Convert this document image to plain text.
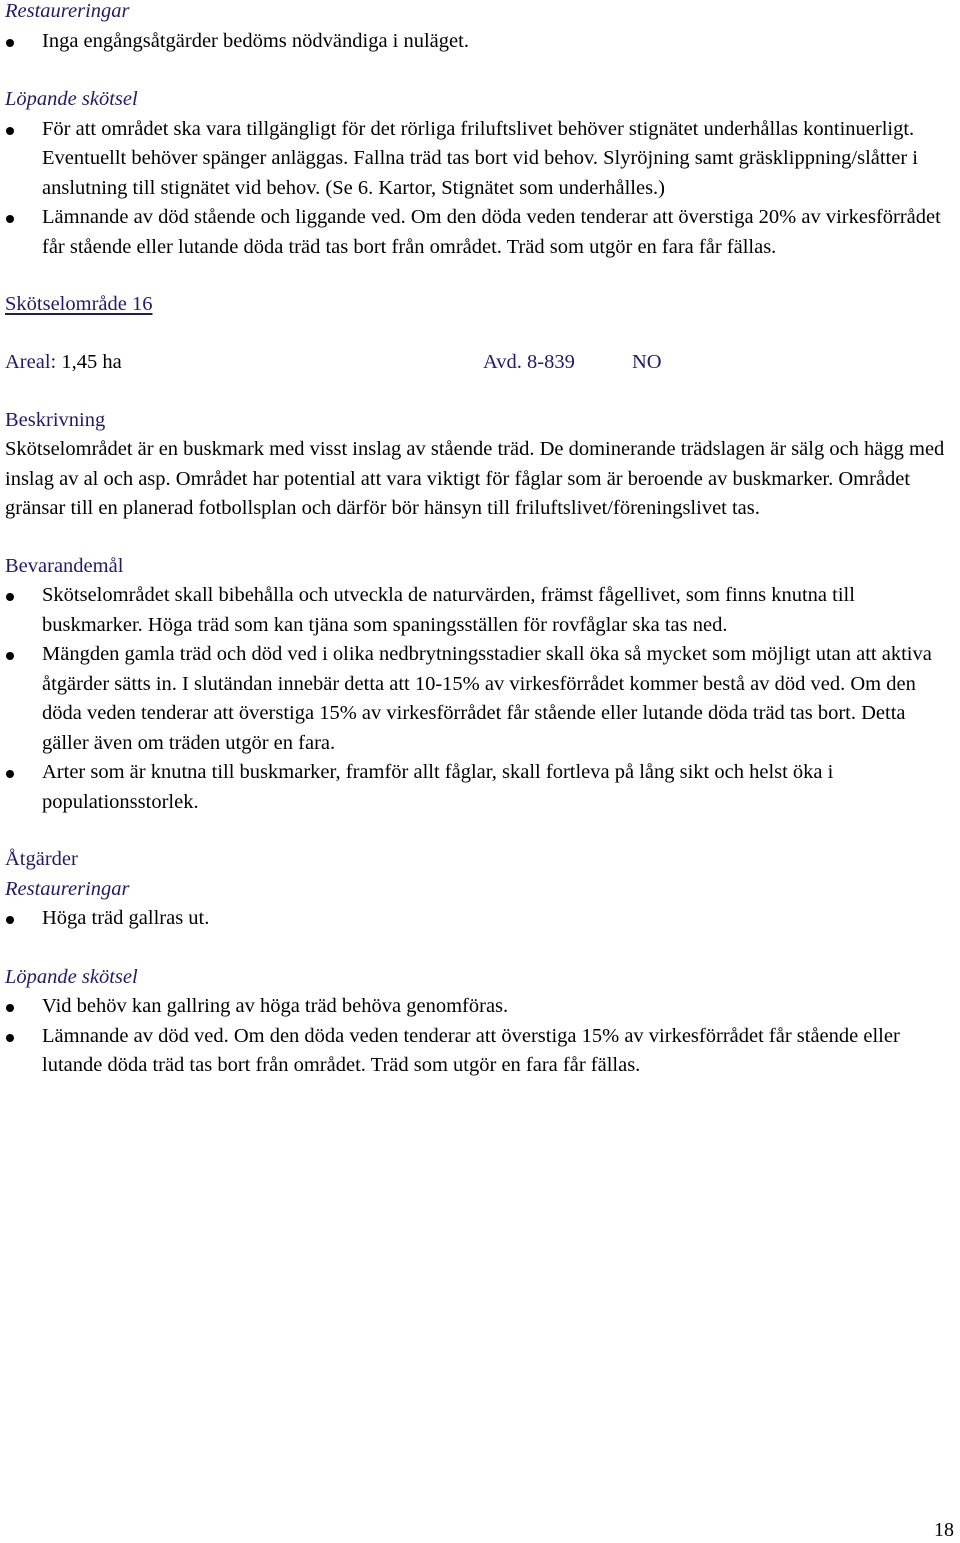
Restaureringar

Inga engångsåtgärder bedöms nödvändiga i nuläget.

Löpande skötsel

För att området ska vara tillgängligt för det rörliga friluftslivet behöver stignätet underhållas kontinuerligt. Eventuellt behöver spänger anläggas. Fallna träd tas bort vid behov. Slyröjning samt gräsklippning/slåtter i anslutning till stignätet vid behov. (Se 6. Kartor, Stignätet som underhålles.)
Lämnande av död stående och liggande ved. Om den döda veden tenderar att överstiga 20% av virkesförrådet får stående eller lutande döda träd tas bort från området. Träd som utgör en fara får fällas.

Skötselområde 16

Areal: 1,45 ha	Avd. 8-839	NO

Beskrivning

Skötselområdet är en buskmark med visst inslag av stående träd. De dominerande trädslagen är sälg och hägg med inslag av al och asp. Området har potential att vara viktigt för fåglar som är beroende av buskmarker. Området gränsar till en planerad fotbollsplan och därför bör hänsyn till friluftslivet/föreningslivet tas.

Bevarandemål

Skötselområdet skall bibehålla och utveckla de naturvärden, främst fågellivet, som finns knutna till buskmarker. Höga träd som kan tjäna som spaningsställen för rovfåglar ska tas ned.
Mängden gamla träd och död ved i olika nedbrytningsstadier skall öka så mycket som möjligt utan att aktiva åtgärder sätts in. I slutändan innebär detta att 10-15% av virkesförrådet kommer bestå av död ved. Om den döda veden tenderar att överstiga 15% av virkesförrådet får stående eller lutande döda träd tas bort. Detta gäller även om träden utgör en fara.
Arter som är knutna till buskmarker, framför allt fåglar, skall fortleva på lång sikt och helst öka i populationsstorlek.

Åtgärder

Restaureringar

Höga träd gallras ut.

Löpande skötsel

Vid behöv kan gallring av höga träd behöva genomföras.
Lämnande av död ved. Om den döda veden tenderar att överstiga 15% av virkesförrådet får stående eller lutande döda träd tas bort från området. Träd som utgör en fara får fällas.
18
